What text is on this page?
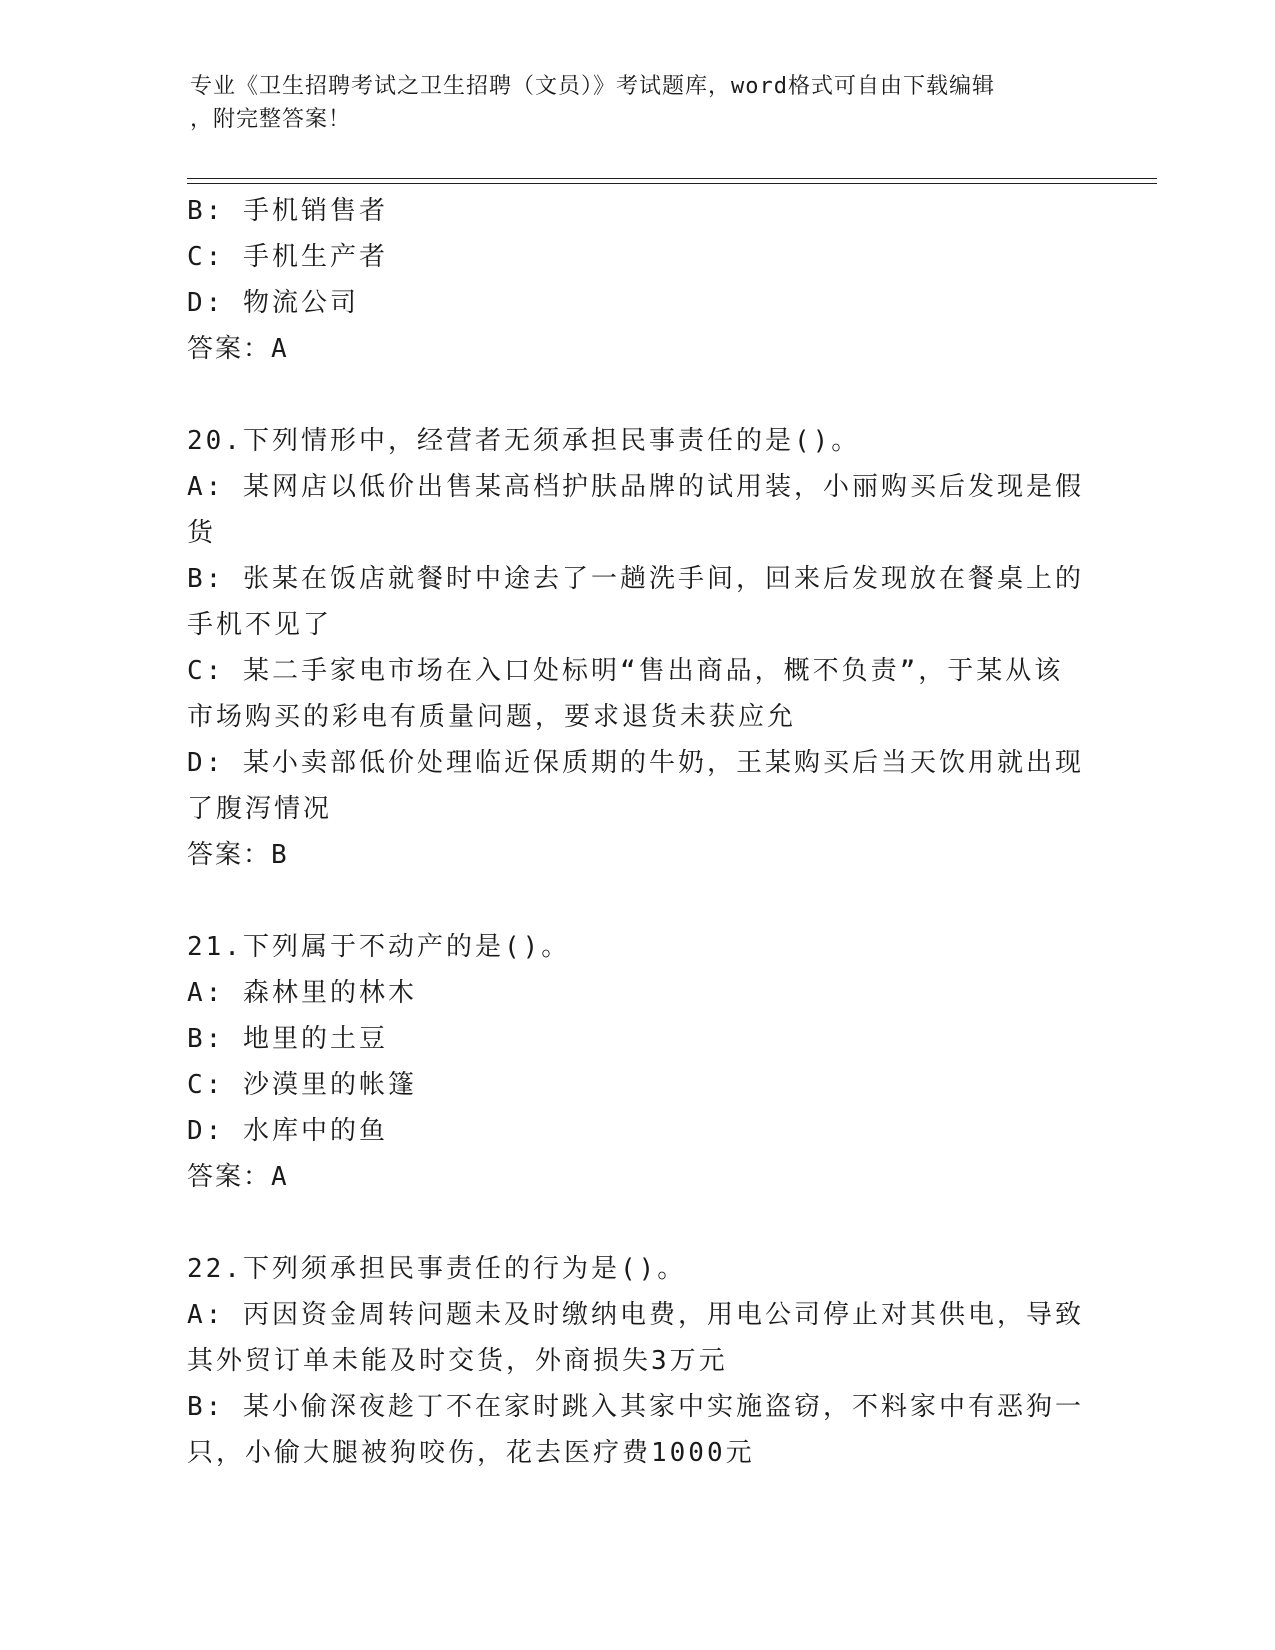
专业《卫生招聘考试之卫生招聘（文员）》考试题库，word格式可自由下载编辑
，附完整答案！
B: 手机销售者
C: 手机生产者
D: 物流公司
答案：A
20.下列情形中，经营者无须承担民事责任的是()。
A: 某网店以低价出售某高档护肤品牌的试用装，小丽购买后发现是假
货
B: 张某在饭店就餐时中途去了一趟洗手间，回来后发现放在餐桌上的
手机不见了
C: 某二手家电市场在入口处标明“售出商品，概不负责”，于某从该
市场购买的彩电有质量问题，要求退货未获应允
D: 某小卖部低价处理临近保质期的牛奶，王某购买后当天饮用就出现
了腹泻情况
答案：B
21.下列属于不动产的是()。
A: 森林里的林木
B: 地里的土豆
C: 沙漠里的帐篷
D: 水库中的鱼
答案：A
22.下列须承担民事责任的行为是()。
A: 丙因资金周转问题未及时缴纳电费，用电公司停止对其供电，导致
其外贸订单未能及时交货，外商损失3万元
B: 某小偷深夜趁丁不在家时跳入其家中实施盗窃，不料家中有恶狗一
只，小偷大腿被狗咬伤，花去医疗费1000元
